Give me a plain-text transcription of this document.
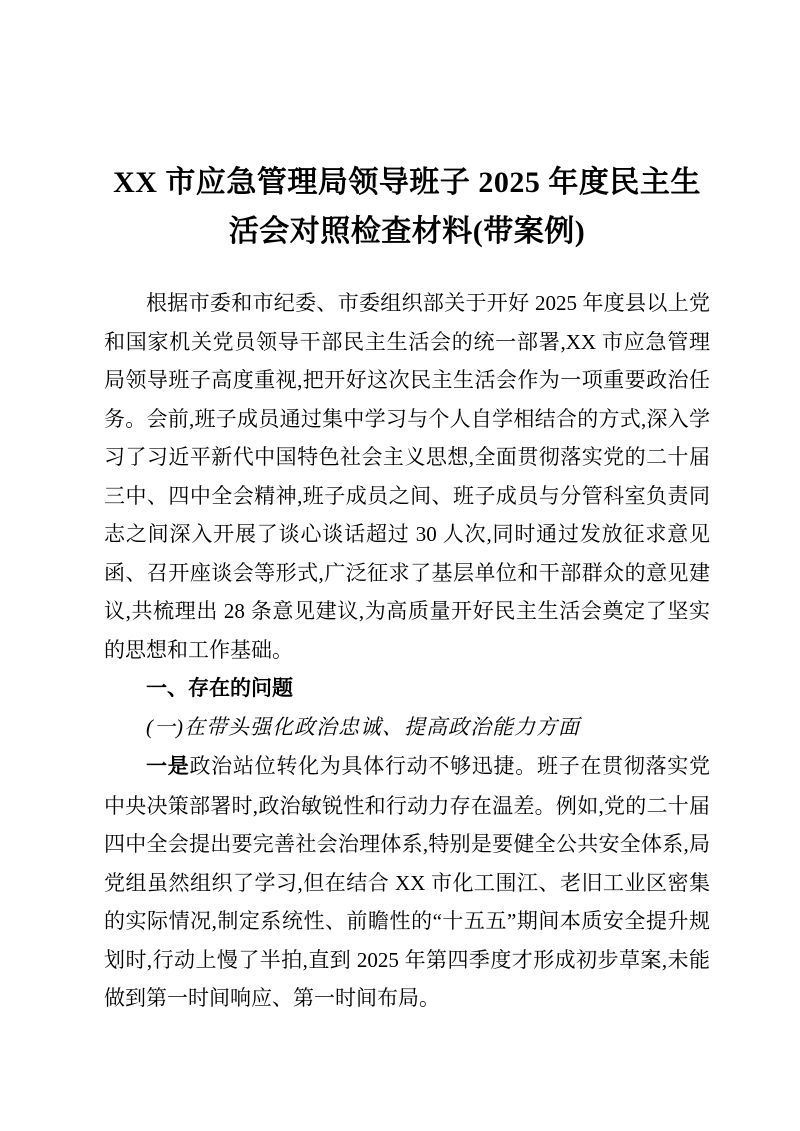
XX 市应急管理局领导班子 2025 年度民主生活会对照检查材料(带案例)

根据市委和市纪委、市委组织部关于开好 2025 年度县以上党和国家机关党员领导干部民主生活会的统一部署,XX 市应急管理局领导班子高度重视,把开好这次民主生活会作为一项重要政治任务。会前,班子成员通过集中学习与个人自学相结合的方式,深入学习了习近平新代中国特色社会主义思想,全面贯彻落实党的二十届三中、四中全会精神,班子成员之间、班子成员与分管科室负责同志之间深入开展了谈心谈话超过 30 人次,同时通过发放征求意见函、召开座谈会等形式,广泛征求了基层单位和干部群众的意见建议,共梳理出 28 条意见建议,为高质量开好民主生活会奠定了坚实的思想和工作基础。

一、存在的问题
(一)在带头强化政治忠诚、提高政治能力方面

一是政治站位转化为具体行动不够迅捷。班子在贯彻落实党中央决策部署时,政治敏锐性和行动力存在温差。例如,党的二十届四中全会提出要完善社会治理体系,特别是要健全公共安全体系,局党组虽然组织了学习,但在结合 XX 市化工围江、老旧工业区密集的实际情况,制定系统性、前瞻性的“十五五”期间本质安全提升规划时,行动上慢了半拍,直到 2025 年第四季度才形成初步草案,未能做到第一时间响应、第一时间布局。
